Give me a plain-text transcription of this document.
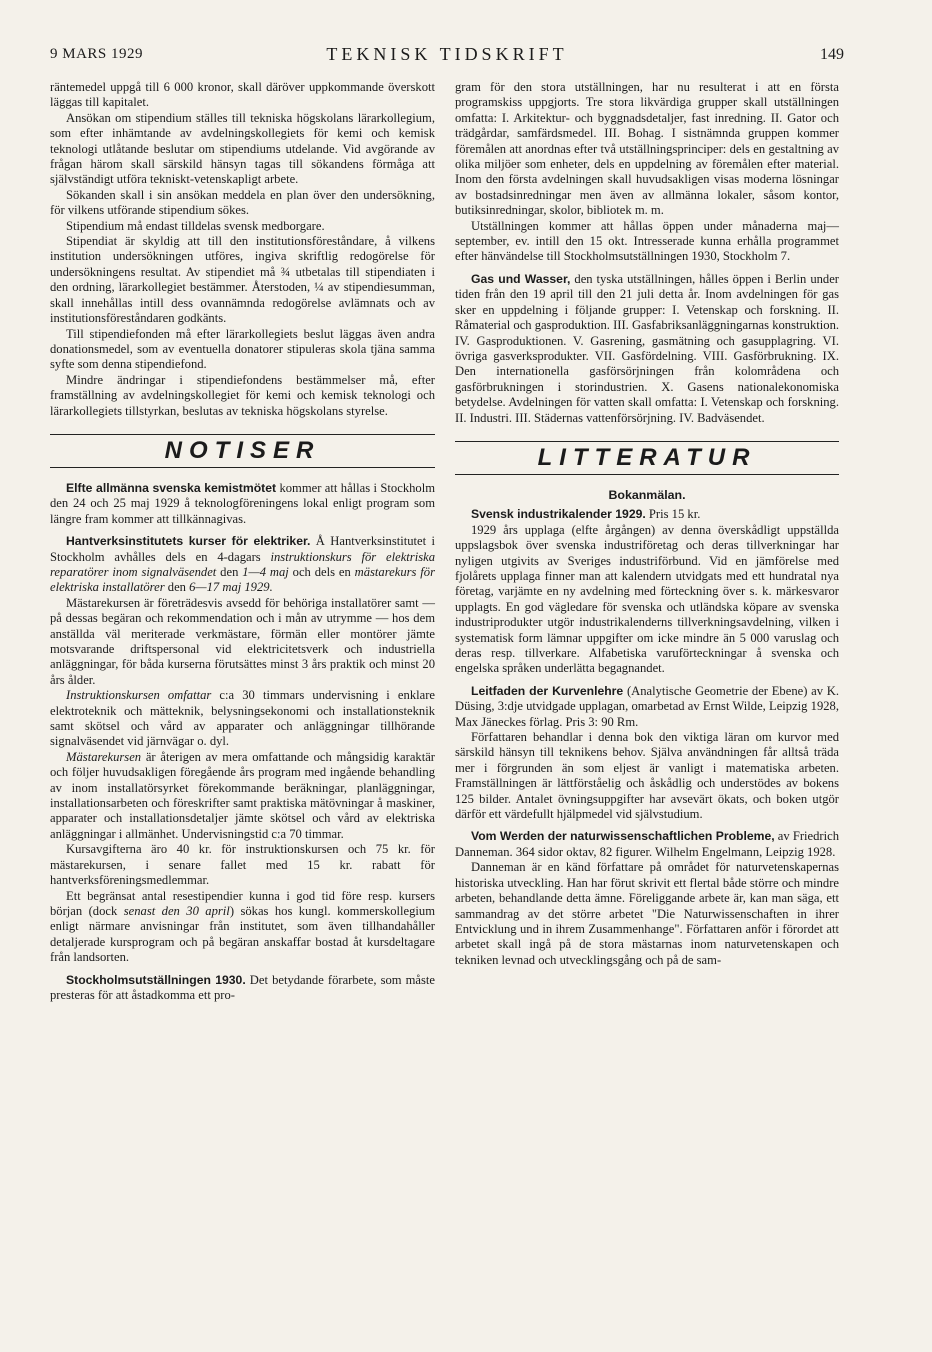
9 MARS 1929	TEKNISK TIDSKRIFT	149

räntemedel uppgå till 6 000 kronor, skall däröver uppkommande överskott läggas till kapitalet.

Ansökan om stipendium ställes till tekniska högskolans lärarkollegium, som efter inhämtande av avdelningskollegiets för kemi och kemisk teknologi utlåtande beslutar om stipendiums utdelande. Vid avgörande av frågan härom skall särskild hänsyn tagas till sökandens förmåga att självständigt utföra tekniskt-vetenskapligt arbete.

Sökanden skall i sin ansökan meddela en plan över den undersökning, för vilkens utförande stipendium sökes.

Stipendium må endast tilldelas svensk medborgare.

Stipendiat är skyldig att till den institutionsföreståndare, å vilkens institution undersökningen utföres, ingiva skriftlig redogörelse för undersökningens resultat. Av stipendiet må ¾ utbetalas till stipendiaten i den ordning, lärarkollegiet bestämmer. Återstoden, ¼ av stipendiesumman, skall innehållas intill dess ovannämnda redogörelse avlämnats och av institutionsföreståndaren godkänts.

Till stipendiefonden må efter lärarkollegiets beslut läggas även andra donationsmedel, som av eventuella donatorer stipuleras skola tjäna samma syfte som denna stipendiefond.

Mindre ändringar i stipendiefondens bestämmelser må, efter framställning av avdelningskollegiet för kemi och kemisk teknologi och lärarkollegiets tillstyrkan, beslutas av tekniska högskolans styrelse.

NOTISER

Elfte allmänna svenska kemistmötet kommer att hållas i Stockholm den 24 och 25 maj 1929 å teknologföreningens lokal enligt program som längre fram kommer att tillkännagivas.

Hantverksinstitutets kurser för elektriker. Å Hantverksinstitutet i Stockholm avhålles dels en 4-dagars instruktionskurs för elektriska reparatörer inom signalväsendet den 1—4 maj och dels en mästarekurs för elektriska installatörer den 6—17 maj 1929.

Mästarekursen är företrädesvis avsedd för behöriga installatörer samt — på dessas begäran och rekommendation och i mån av utrymme — hos dem anställda väl meriterade verkmästare, förmän eller montörer jämte motsvarande driftspersonal vid elektricitetsverk och industriella anläggningar, för båda kurserna förutsättes minst 3 års praktik och minst 20 års ålder.

Instruktionskursen omfattar c:a 30 timmars undervisning i enklare elektroteknik och mätteknik, belysningsekonomi och installationsteknik samt skötsel och vård av apparater och anläggningar tillhörande signalväsendet vid järnvägar o. dyl.

Mästarekursen är återigen av mera omfattande och mångsidig karaktär och följer huvudsakligen föregående års program med ingående behandling av inom installatörsyrket förekommande beräkningar, planläggningar, installationsarbeten och föreskrifter samt praktiska mätövningar å maskiner, apparater och installationsdetaljer jämte skötsel och vård av elektriska anläggningar i allmänhet. Undervisningstid c:a 70 timmar.

Kursavgifterna äro 40 kr. för instruktionskursen och 75 kr. för mästarekursen, i senare fallet med 15 kr. rabatt för hantverksföreningsmedlemmar.

Ett begränsat antal resestipendier kunna i god tid före resp. kursers början (dock senast den 30 april) sökas hos kungl. kommerskollegium enligt närmare anvisningar från institutet, som även tillhandahåller detaljerade kursprogram och på begäran anskaffar bostad åt kursdeltagare från landsorten.

Stockholmsutställningen 1930. Det betydande förarbete, som måste presteras för att åstadkomma ett pro-

gram för den stora utställningen, har nu resulterat i att en första programskiss uppgjorts. Tre stora likvärdiga grupper skall utställningen omfatta: I. Arkitektur- och byggnadsdetaljer, fast inredning. II. Gator och trädgårdar, samfärdsmedel. III. Bohag. I sistnämnda gruppen kommer föremålen att anordnas efter två utställningsprinciper: dels en gestaltning av olika miljöer som enheter, dels en uppdelning av föremålen efter material. Inom den första avdelningen skall huvudsakligen visas moderna lösningar av bostadsinredningar men även av allmänna lokaler, såsom kontor, butiksinredningar, skolor, bibliotek m. m.

Utställningen kommer att hållas öppen under månaderna maj—september, ev. intill den 15 okt. Intresserade kunna erhålla programmet efter hänvändelse till Stockholmsutställningen 1930, Stockholm 7.

Gas und Wasser, den tyska utställningen, hålles öppen i Berlin under tiden från den 19 april till den 21 juli detta år. Inom avdelningen för gas sker en uppdelning i följande grupper: I. Vetenskap och forskning. II. Råmaterial och gasproduktion. III. Gasfabriksanläggningarnas konstruktion. IV. Gasproduktionen. V. Gasrening, gasmätning och gasupplagring. VI. övriga gasverksprodukter. VII. Gasfördelning. VIII. Gasförbrukning. IX. Den internationella gasförsörjningen från kolområdena och gasförbrukningen i storindustrien. X. Gasens nationalekonomiska betydelse. Avdelningen för vatten skall omfatta: I. Vetenskap och forskning. II. Industri. III. Städernas vattenförsörjning. IV. Badväsendet.

LITTERATUR
Bokanmälan.

Svensk industrikalender 1929. Pris 15 kr.

1929 års upplaga (elfte årgången) av denna överskådligt uppställda uppslagsbok över svenska industriföretag och deras tillverkningar har nyligen utgivits av Sveriges industriförbund. Vid en jämförelse med fjolårets upplaga finner man att kalendern utvidgats med ett hundratal nya företag, varjämte en ny avdelning med förteckning över s. k. märkesvaror upplagts. En god vägledare för svenska och utländska köpare av svenska industriprodukter utgör industrikalenderns tillverkningsavdelning, vilken i systematisk form lämnar uppgifter om icke mindre än 5 000 varuslag och deras resp. tillverkare. Alfabetiska varuförteckningar å svenska och engelska språken underlätta begagnandet.

Leitfaden der Kurvenlehre (Analytische Geometrie der Ebene) av K. Düsing, 3:dje utvidgade upplagan, omarbetad av Ernst Wilde, Leipzig 1928, Max Jäneckes förlag. Pris 3: 90 Rm.

Författaren behandlar i denna bok den viktiga läran om kurvor med särskild hänsyn till teknikens behov. Själva användningen får alltså träda mer i förgrunden än som eljest är vanligt i matematiska arbeten. Framställningen är lättförståelig och åskådlig och understödes av bokens 125 bilder. Antalet övningsuppgifter har avsevärt ökats, och boken utgör därför ett värdefullt hjälpmedel vid självstudium.

Vom Werden der naturwissenschaftlichen Probleme, av Friedrich Danneman. 364 sidor oktav, 82 figurer. Wilhelm Engelmann, Leipzig 1928.

Danneman är en känd författare på området för naturvetenskapernas historiska utveckling. Han har förut skrivit ett flertal både större och mindre arbeten, behandlande detta ämne. Föreliggande arbete är, kan man säga, ett sammandrag av det större arbetet "Die Naturwissenschaften in ihrer Entvicklung und in ihrem Zusammenhange". Författaren anför i förordet att arbetet skall ingå på de stora mästarnas inom naturvetenskapen och tekniken levnad och utvecklingsgång och på de sam-
